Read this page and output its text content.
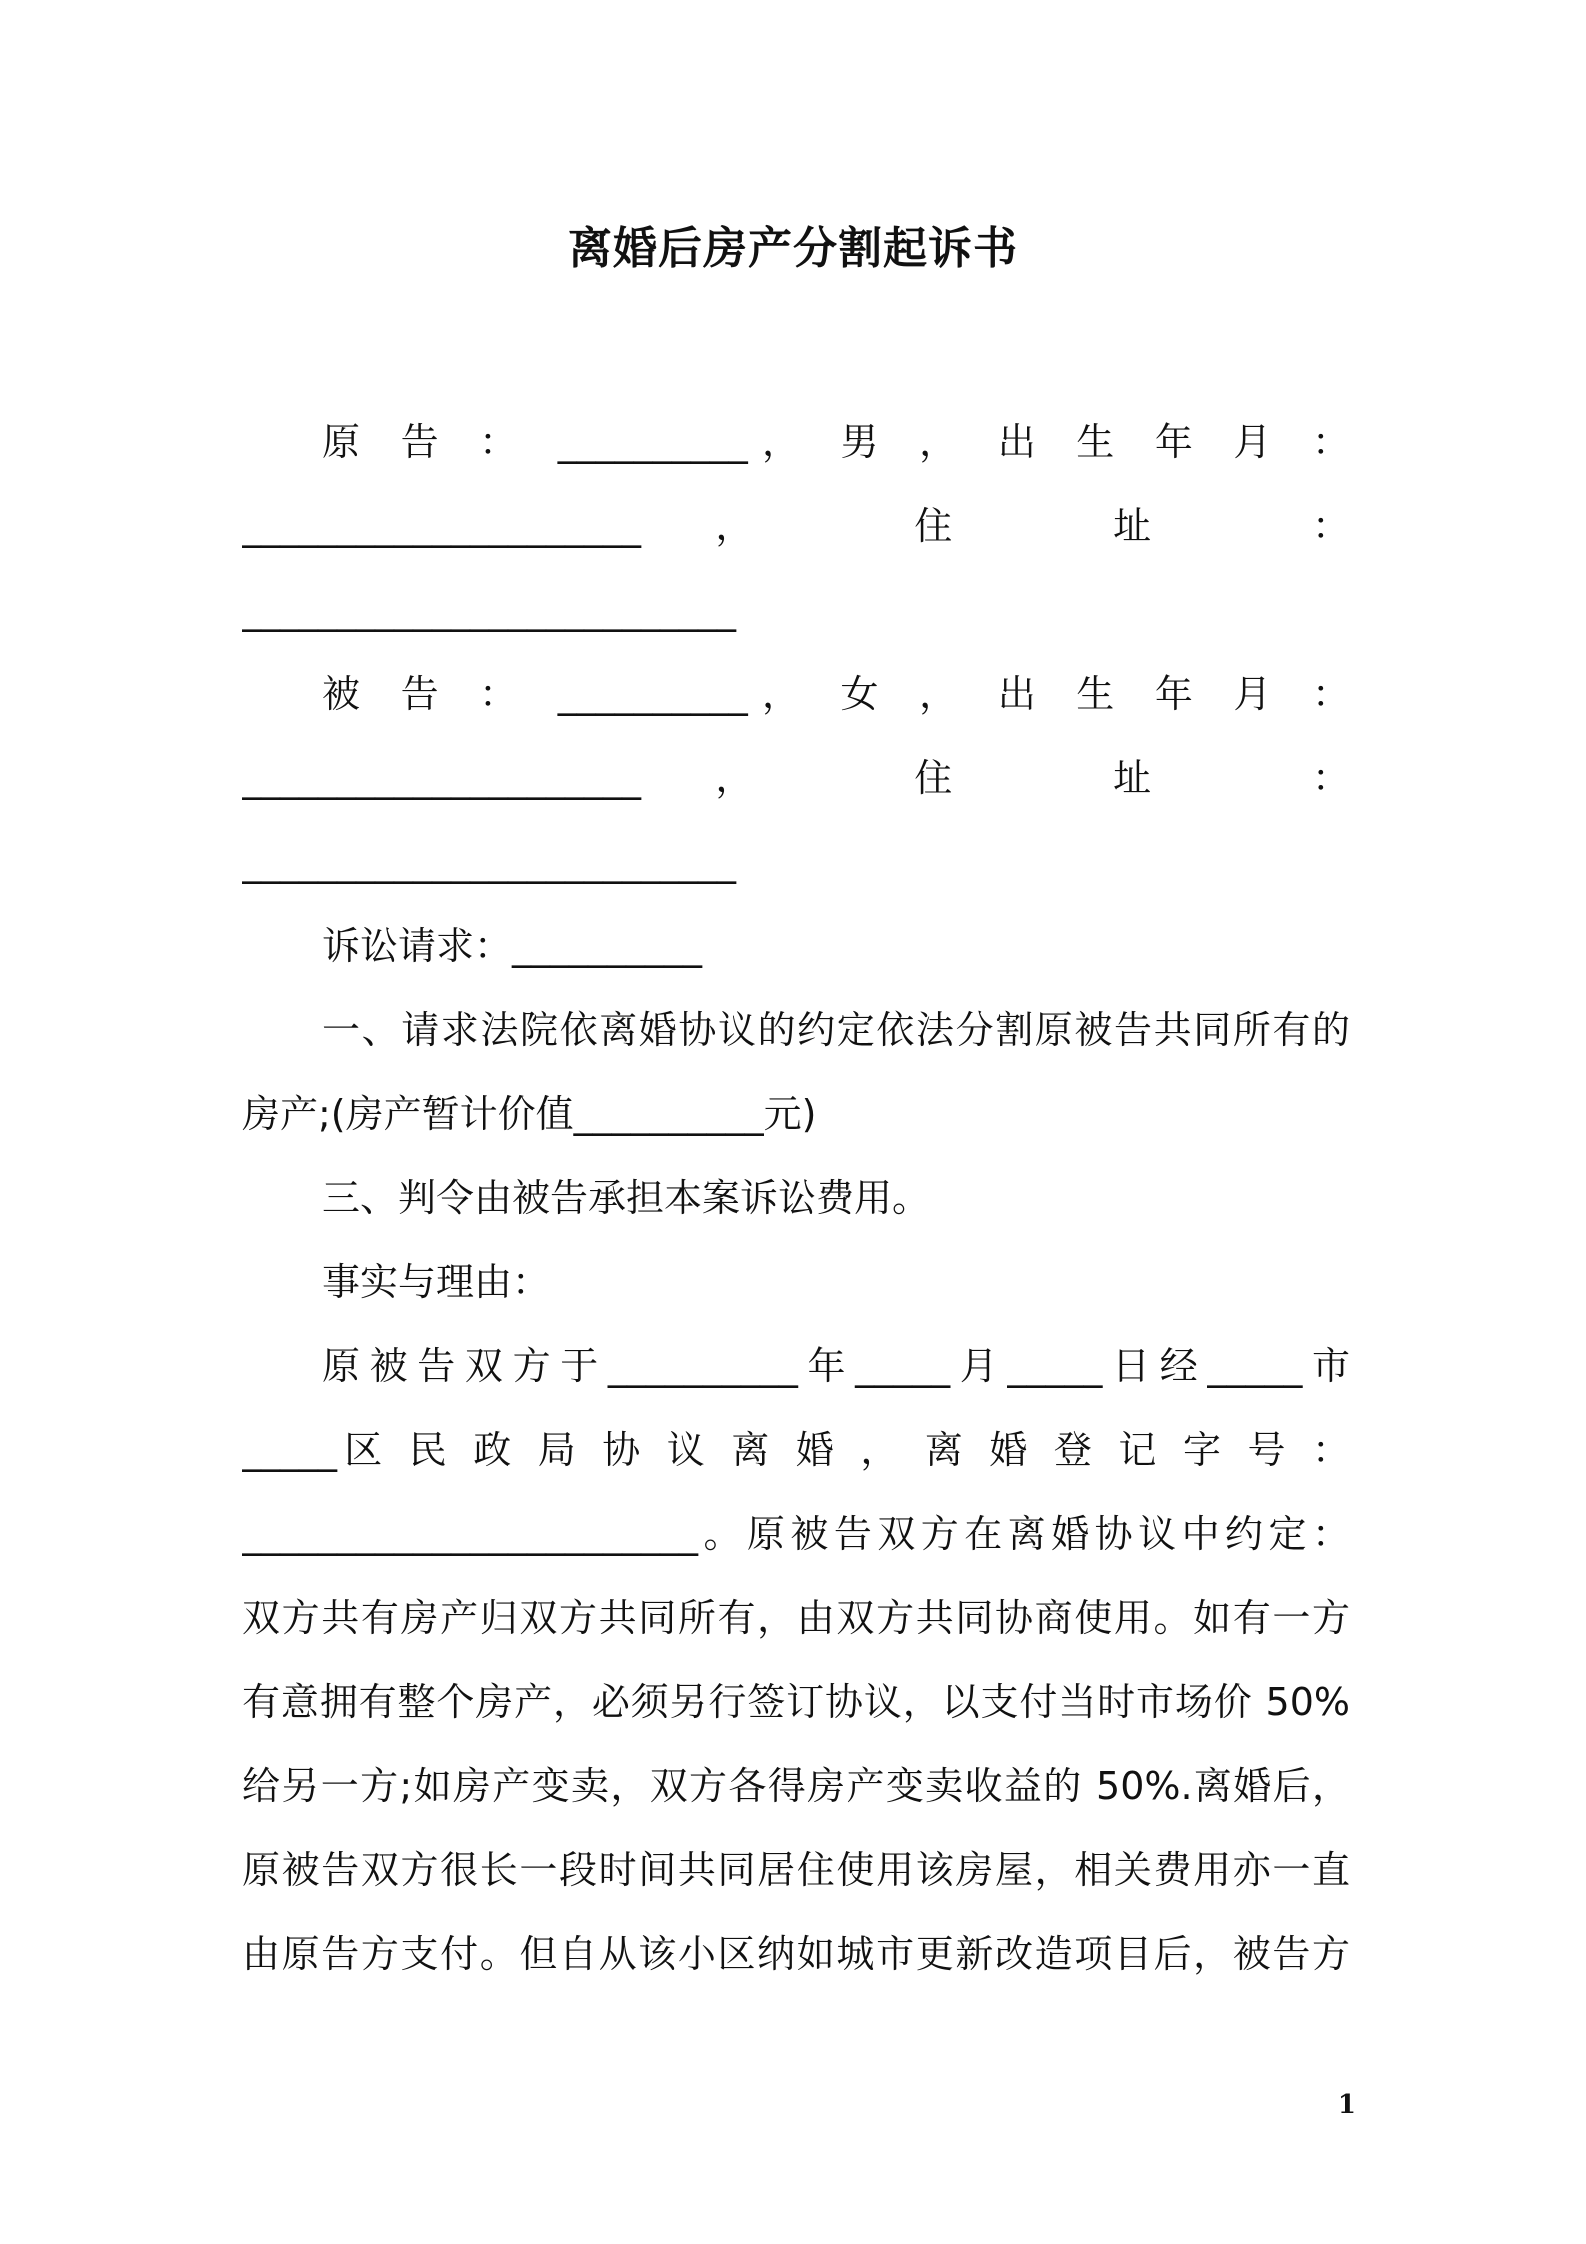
离婚后房产分割起诉书
原 告 ： __________， 男 ， 出 生 年 月 ：
_____________________， 住 址 ：
__________________________
被 告 ： __________， 女 ， 出 生 年 月 ：
_____________________， 住 址 ：
__________________________
诉讼请求：__________
一、请求法院依离婚协议的约定依法分割原被告共同所有的
房产;(房产暂计价值__________元)
三、判令由被告承担本案诉讼费用。
事实与理由：
原被告双方于__________年_____月_____日经_____市
_____区 民 政 局 协 议 离 婚 ， 离 婚 登 记 字 号 ：
________________________。原被告双方在离婚协议中约定：
双方共有房产归双方共同所有，由双方共同协商使用。如有一方
有意拥有整个房产，必须另行签订协议，以支付当时市场价 50%
给另一方;如房产变卖，双方各得房产变卖收益的 50%.离婚后，
原被告双方很长一段时间共同居住使用该房屋，相关费用亦一直
由原告方支付。但自从该小区纳如城市更新改造项目后，被告方
1
